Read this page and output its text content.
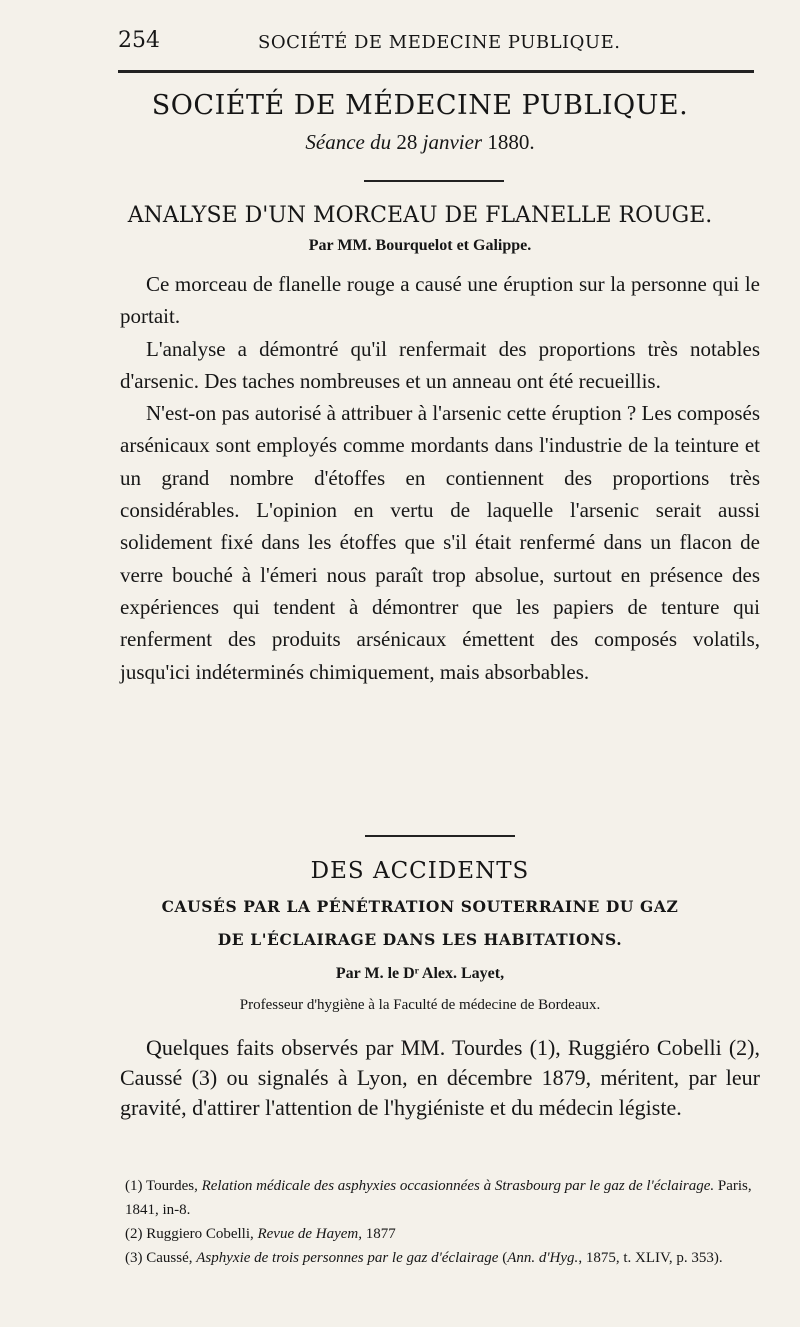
254	SOCIÉTÉ DE MEDECINE PUBLIQUE.
SOCIÉTÉ DE MÉDECINE PUBLIQUE.
Séance du 28 janvier 1880.
ANALYSE D'UN MORCEAU DE FLANELLE ROUGE.
Par MM. Bourquelot et Galippe.

Ce morceau de flanelle rouge a causé une éruption sur la personne qui le portait.

L'analyse a démontré qu'il renfermait des proportions très notables d'arsenic. Des taches nombreuses et un anneau ont été recueillis.

N'est-on pas autorisé à attribuer à l'arsenic cette éruption ? Les composés arsénicaux sont employés comme mordants dans l'industrie de la teinture et un grand nombre d'étoffes en contiennent des proportions très considérables. L'opinion en vertu de laquelle l'arsenic serait aussi solidement fixé dans les étoffes que s'il était renfermé dans un flacon de verre bouché à l'émeri nous paraît trop absolue, surtout en présence des expériences qui tendent à démontrer que les papiers de tenture qui renferment des produits arsénicaux émettent des composés volatils, jusqu'ici indéterminés chimiquement, mais absorbables.

DES ACCIDENTS
CAUSÉS PAR LA PÉNÉTRATION SOUTERRAINE DU GAZ
DE L'ÉCLAIRAGE DANS LES HABITATIONS.
Par M. le Dʳ Alex. Layet,
Professeur d'hygiène à la Faculté de médecine de Bordeaux.

Quelques faits observés par MM. Tourdes (1), Ruggiéro Cobelli (2), Caussé (3) ou signalés à Lyon, en décembre 1879, méritent, par leur gravité, d'attirer l'attention de l'hygiéniste et du médecin légiste.

(1) Tourdes, Relation médicale des asphyxies occasionnées à Strasbourg par le gaz de l'éclairage. Paris, 1841, in-8.
(2) Ruggiero Cobelli, Revue de Hayem, 1877
(3) Caussé, Asphyxie de trois personnes par le gaz d'éclairage (Ann. d'Hyg., 1875, t. XLIV, p. 353).
